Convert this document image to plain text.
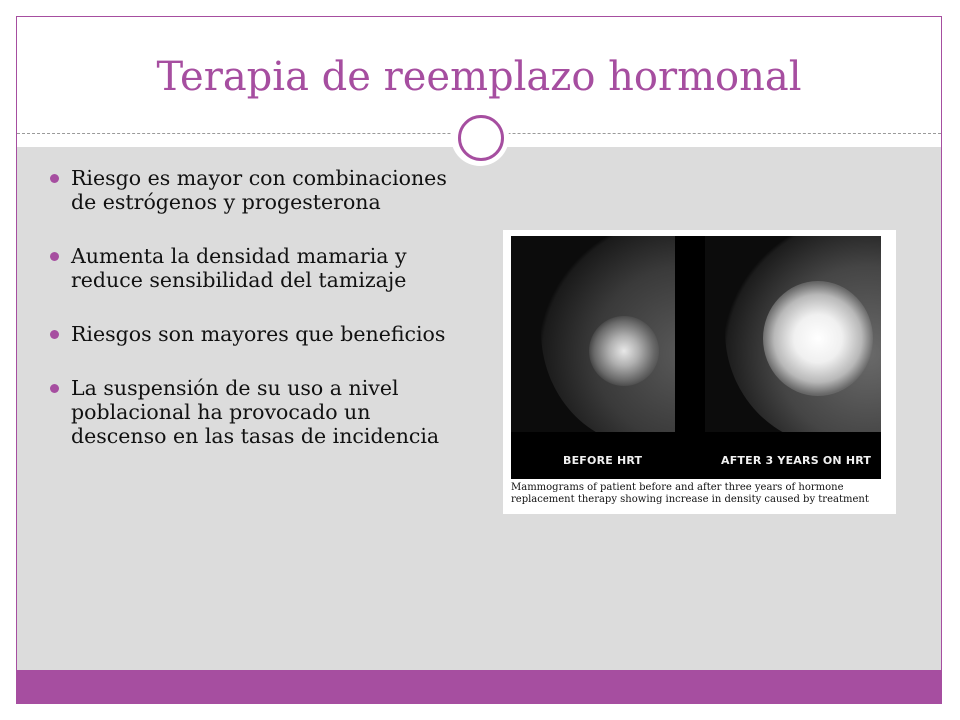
Terapia de reemplazo hormonal
Riesgo es mayor con combinaciones de estrógenos y progesterona
Aumenta la densidad mamaria y reduce sensibilidad del tamizaje
Riesgos son mayores que beneficios
La suspensión de su uso a nivel poblacional ha provocado un descenso en las tasas de incidencia
BEFORE HRT	AFTER 3 YEARS ON HRT
Mammograms of patient before and after three years of hormone replacement therapy showing increase in density caused by treatment
